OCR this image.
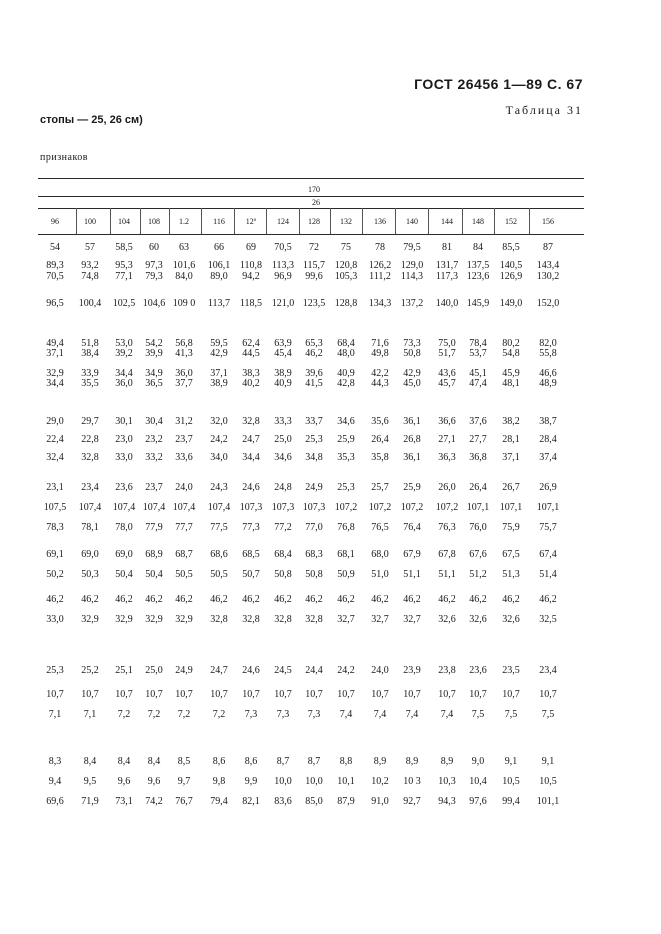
ГОСТ 26456 1—89 С. 67
Таблица 31
стопы — 25, 26 см)
признаков
170
26
96	100	104	108	1.2	116	12º	124	128	132	136	140	144	148	152	156
54	57	58,5	60	63	66	69	70,5	72	75	78	79,5	81	84	85,5	87
89,3	93,2	95,3	97,3	101,6	106,1 110,8 113,3 115,7 120,8	126,2 129,0	131,7 137,5	140,5	143,4
70,5	74,8	77,1	79,3	84,0	89,0	94,2	96,9	99,6	105,3	111,2	114,3	117,3 123,6	126,9	130,2
96,5	100,4	102,5 104,6 109 0	113,7 118,5 121,0 123,5 128,8	134,3 137,2	140,0 145,9	149,0	152,0
49,4	51,8	53,0	54,2	56,8	59,5	62,4	63,9	65,3	68,4	71,6	73,3	75,0	78,4	80,2	82,0
37,1	38,4	39,2	39,9	41,3	42,9	44,5	45,4	46,2	48,0	49,8	50,8	51,7	53,7	54,8	55,8
32,9	33,9	34,4	34,9	36,0	37,1	38,3	38,9	39,6	40,9	42,2	42,9	43,6	45,1	45,9	46,6
34,4	35,5	36,0	36,5	37,7	38,9	40,2	40,9	41,5	42,8	44,3	45,0	45,7	47,4	48,1	48,9
29,0	29,7	30,1	30,4	31,2	32,0	32,8	33,3	33,7	34,6	35,6	36,1	36,6	37,6	38,2	38,7
22,4	22,8	23,0	23,2	23,7	24,2	24,7	25,0	25,3	25,9	26,4	26,8	27,1	27,7	28,1	28,4
32,4	32,8	33,0	33,2	33,6	34,0	34,4	34,6	34,8	35,3	35,8	36,1	36,3	36,8	37,1	37,4
23,1	23,4	23,6	23,7	24,0	24,3	24,6	24,8	24,9	25,3	25,7	25,9	26,0	26,4	26,7	26,9
107,5	107,4	107,4 107,4 107,4	107,4 107,3 107,3 107,3 107,2	107,2 107,2	107,2 107,1	107,1	107,1
78,3	78,1	78,0	77,9	77,7	77,5	77,3	77,2	77,0	76,8	76,5	76,4	76,3	76,0	75,9	75,7
69,1	69,0	69,0	68,9	68,7	68,6	68,5	68,4	68,3	68,1	68,0	67,9	67,8	67,6	67,5	67,4
50,2	50,3	50,4	50,4	50,5	50,5	50,7	50,8	50,8	50,9	51,0	51,1	51,1	51,2	51,3	51,4
46,2	46,2	46,2	46,2	46,2	46,2	46,2	46,2	46,2	46,2	46,2	46,2	46,2	46,2	46,2	46,2
33,0	32,9	32,9	32,9	32,9	32,8	32,8	32,8	32,8	32,7	32,7	32,7	32,6	32,6	32,6	32,5
25,3	25,2	25,1	25,0	24,9	24,7	24,6	24,5	24,4	24,2	24,0	23,9	23,8	23,6	23,5	23,4
10,7	10,7	10,7	10,7	10,7	10,7	10,7	10,7	10,7	10,7	10,7	10,7	10,7	10,7	10,7	10,7
7,1	7,1	7,2	7,2	7,2	7,2	7,3	7,3	7,3	7,4	7,4	7,4	7,4	7,5	7,5	7,5
8,3	8,4	8,4	8,4	8,5	8,6	8,6	8,7	8,7	8,8	8,9	8,9	8,9	9,0	9,1	9,1
9,4	9,5	9,6	9,6	9,7	9,8	9,9	10,0	10,0	10,1	10,2	10 3	10,3	10,4	10,5	10,5
69,6	71,9	73,1	74,2	76,7	79,4	82,1	83,6	85,0	87,9	91,0	92,7	94,3	97,6	99,4	101,1
